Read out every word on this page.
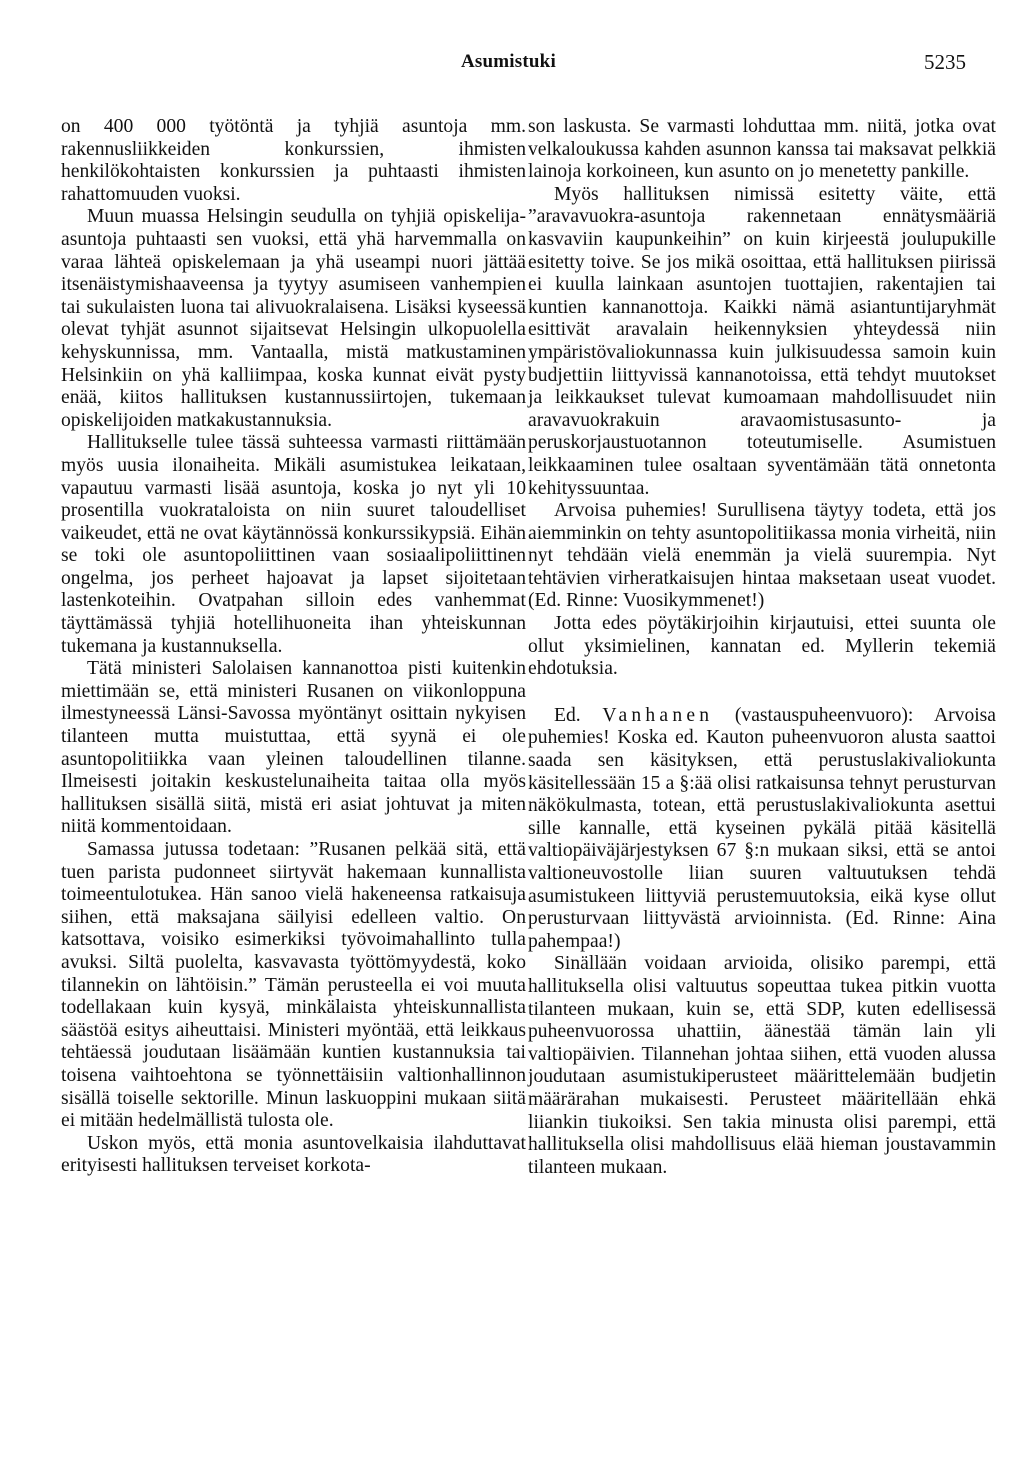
Asumistuki	5235

on 400 000 työtöntä ja tyhjiä asuntoja mm. rakennusliikkeiden konkurssien, ihmisten henkilökohtaisten konkurssien ja puhtaasti ihmisten rahattomuuden vuoksi.

Muun muassa Helsingin seudulla on tyhjiä opiskelija-asuntoja puhtaasti sen vuoksi, että yhä harvemmalla on varaa lähteä opiskelemaan ja yhä useampi nuori jättää itsenäistymishaaveensa ja tyytyy asumiseen vanhempien tai sukulaisten luona tai alivuokralaisena. Lisäksi kyseessä olevat tyhjät asunnot sijaitsevat Helsingin ulkopuolella kehyskunnissa, mm. Vantaalla, mistä matkustaminen Helsinkiin on yhä kalliimpaa, koska kunnat eivät pysty enää, kiitos hallituksen kustannussiirtojen, tukemaan opiskelijoiden matkakustannuksia.

Hallitukselle tulee tässä suhteessa varmasti riittämään myös uusia ilonaiheita. Mikäli asumistukea leikataan, vapautuu varmasti lisää asuntoja, koska jo nyt yli 10 prosentilla vuokrataloista on niin suuret taloudelliset vaikeudet, että ne ovat käytännössä konkurssikypsiä. Eihän se toki ole asuntopoliittinen vaan sosiaalipoliittinen ongelma, jos perheet hajoavat ja lapset sijoitetaan lastenkoteihin. Ovatpahan silloin edes vanhemmat täyttämässä tyhjiä hotellihuoneita ihan yhteiskunnan tukemana ja kustannuksella.

Tätä ministeri Salolaisen kannanottoa pisti kuitenkin miettimään se, että ministeri Rusanen on viikonloppuna ilmestyneessä Länsi-Savossa myöntänyt osittain nykyisen tilanteen mutta muistuttaa, että syynä ei ole asuntopolitiikka vaan yleinen taloudellinen tilanne. Ilmeisesti joitakin keskustelunaiheita taitaa olla myös hallituksen sisällä siitä, mistä eri asiat johtuvat ja miten niitä kommentoidaan.

Samassa jutussa todetaan: ”Rusanen pelkää sitä, että tuen parista pudonneet siirtyvät hakemaan kunnallista toimeentulotukea. Hän sanoo vielä hakeneensa ratkaisuja siihen, että maksajana säilyisi edelleen valtio. On katsottava, voisiko esimerkiksi työvoimahallinto tulla avuksi. Siltä puolelta, kasvavasta työttömyydestä, koko tilannekin on lähtöisin.” Tämän perusteella ei voi muuta todellakaan kuin kysyä, minkälaista yhteiskunnallista säästöä esitys aiheuttaisi. Ministeri myöntää, että leikkaus tehtäessä joudutaan lisäämään kuntien kustannuksia tai toisena vaihtoehtona se työnnettäisiin valtionhallinnon sisällä toiselle sektorille. Minun laskuoppini mukaan siitä ei mitään hedelmällistä tulosta ole.

Uskon myös, että monia asuntovelkaisia ilahduttavat erityisesti hallituksen terveiset korkota-

son laskusta. Se varmasti lohduttaa mm. niitä, jotka ovat velkaloukussa kahden asunnon kanssa tai maksavat pelkkiä lainoja korkoineen, kun asunto on jo menetetty pankille.

Myös hallituksen nimissä esitetty väite, että ”aravavuokra-asuntoja rakennetaan ennätysmääriä kasvaviin kaupunkeihin” on kuin kirjeestä joulupukille esitetty toive. Se jos mikä osoittaa, että hallituksen piirissä ei kuulla lainkaan asuntojen tuottajien, rakentajien tai kuntien kannanottoja. Kaikki nämä asiantuntijaryhmät esittivät aravalain heikennyksien yhteydessä niin ympäristövaliokunnassa kuin julkisuudessa samoin kuin budjettiin liittyvissä kannanotoissa, että tehdyt muutokset ja leikkaukset tulevat kumoamaan mahdollisuudet niin aravavuokrakuin aravaomistusasunto- ja peruskorjaustuotannon toteutumiselle. Asumistuen leikkaaminen tulee osaltaan syventämään tätä onnetonta kehityssuuntaa.

Arvoisa puhemies! Surullisena täytyy todeta, että jos aiemminkin on tehty asuntopolitiikassa monia virheitä, niin nyt tehdään vielä enemmän ja vielä suurempia. Nyt tehtävien virheratkaisujen hintaa maksetaan useat vuodet. (Ed. Rinne: Vuosikymmenet!)

Jotta edes pöytäkirjoihin kirjautuisi, ettei suunta ole ollut yksimielinen, kannatan ed. Myllerin tekemiä ehdotuksia.

Ed. Vanhanen (vastauspuheenvuoro): Arvoisa puhemies! Koska ed. Kauton puheenvuoron alusta saattoi saada sen käsityksen, että perustuslakivaliokunta käsitellessään 15 a §:ää olisi ratkaisunsa tehnyt perusturvan näkökulmasta, totean, että perustuslakivaliokunta asettui sille kannalle, että kyseinen pykälä pitää käsitellä valtiopäiväjärjestyksen 67 §:n mukaan siksi, että se antoi valtioneuvostolle liian suuren valtuutuksen tehdä asumistukeen liittyviä perustemuutoksia, eikä kyse ollut perusturvaan liittyvästä arvioinnista. (Ed. Rinne: Aina pahempaa!)

Sinällään voidaan arvioida, olisiko parempi, että hallituksella olisi valtuutus sopeuttaa tukea pitkin vuotta tilanteen mukaan, kuin se, että SDP, kuten edellisessä puheenvuorossa uhattiin, äänestää tämän lain yli valtiopäivien. Tilannehan johtaa siihen, että vuoden alussa joudutaan asumistukiperusteet määrittelemään budjetin määrärahan mukaisesti. Perusteet määritellään ehkä liiankin tiukoiksi. Sen takia minusta olisi parempi, että hallituksella olisi mahdollisuus elää hieman joustavammin tilanteen mukaan.
